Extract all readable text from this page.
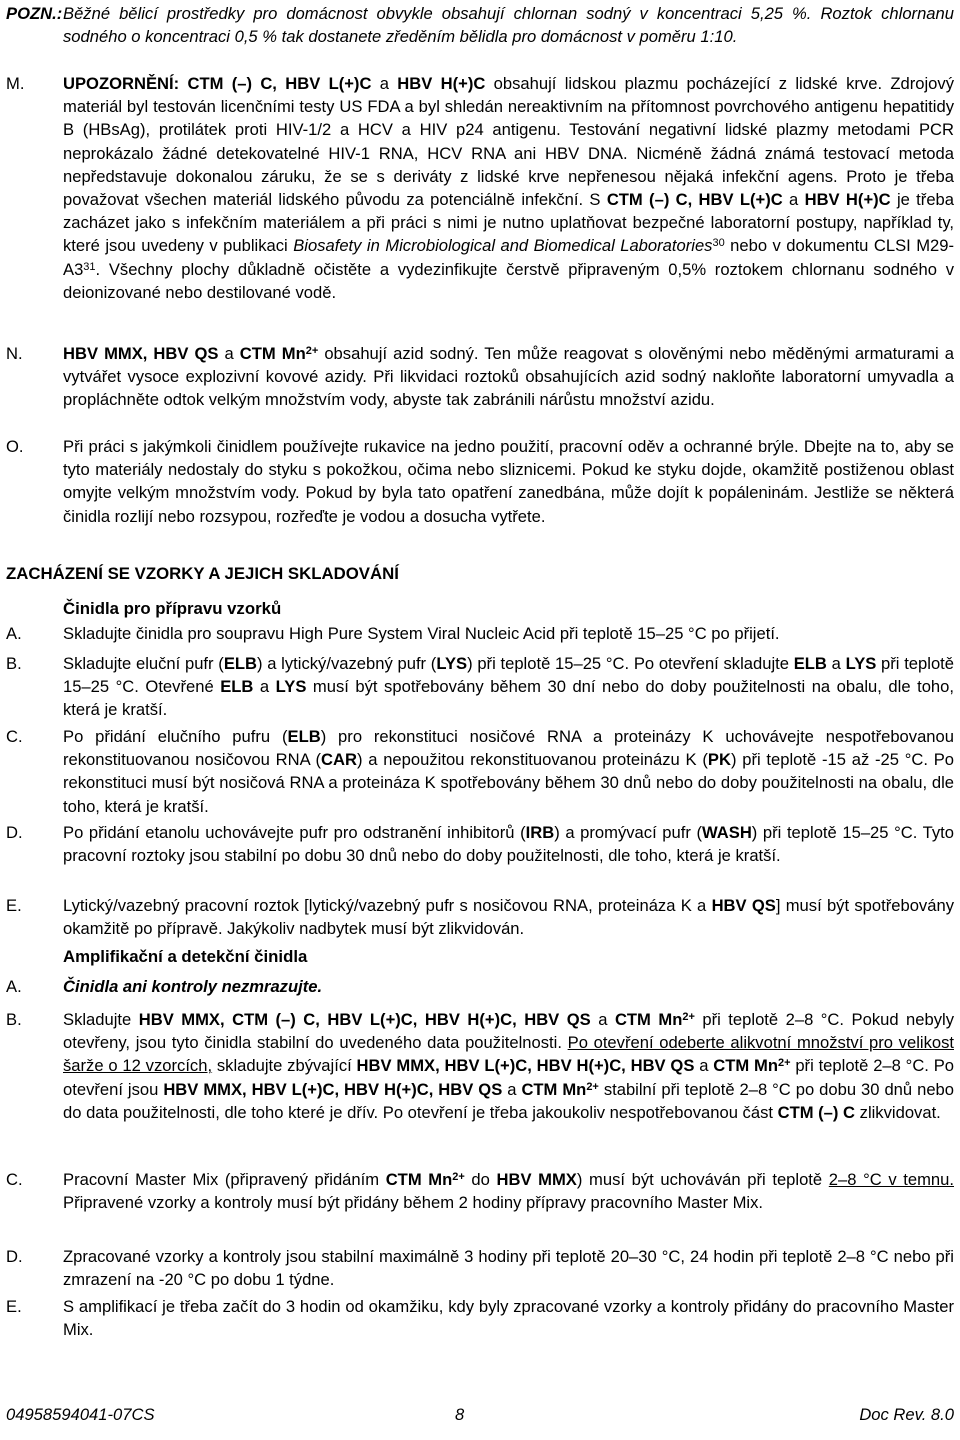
POZN.: Běžné bělicí prostředky pro domácnost obvykle obsahují chlornan sodný v koncentraci 5,25 %. Roztok chlornanu sodného o koncentraci 0,5 % tak dostanete zředěním bělidla pro domácnost v poměru 1:10.
M. UPOZORNĚNÍ: CTM (–) C, HBV L(+)C a HBV H(+)C obsahují lidskou plazmu pocházející z lidské krve. Zdrojový materiál byl testován licenčními testy US FDA a byl shledán nereaktivním na přítomnost povrchového antigenu hepatitidy B (HBsAg), protilátek proti HIV-1/2 a HCV a HIV p24 antigenu. Testování negativní lidské plazmy metodami PCR neprokázalo žádné detekovatelné HIV-1 RNA, HCV RNA ani HBV DNA. Nicméně žádná známá testovací metoda nepředstavuje dokonalou záruku, že se s deriváty z lidské krve nepřenesou nějaká infekční agens. Proto je třeba považovat všechen materiál lidského původu za potenciálně infekční. S CTM (–) C, HBV L(+)C a HBV H(+)C je třeba zacházet jako s infekčním materiálem a při práci s nimi je nutno uplatňovat bezpečné laboratorní postupy, například ty, které jsou uvedeny v publikaci Biosafety in Microbiological and Biomedical Laboratories$^{30}$ nebo v dokumentu CLSI $M29-A3^{31}$. Všechny plochy důkladně očistěte a vydezinfikujte čerstvě připraveným 0,5% roztokem chlornanu sodného v deionizované nebo destilované vodě.
N. HBV MMX, HBV QS a CTM $Mn^{2+}$ obsahují azid sodný. Ten může reagovat s olověnými nebo měděnými armaturami a vytvářet vysoce explozivní kovové azidy. Při likvidaci roztoků obsahujících azid sodný nakloňte laboratorní umyvadla a propláchněte odtok velkým množstvím vody, abyste tak zabránili nárůstu množství azidu.
O. Při práci s jakýmkoli činidlem používejte rukavice na jedno použití, pracovní oděv a ochranné brýle. Dbejte na to, aby se tyto materiály nedostaly do styku s pokožkou, očima nebo sliznicemi. Pokud ke styku dojde, okamžitě postiženou oblast omyjte velkým množstvím vody. Pokud by byla tato opatření zanedbána, může dojít k popáleninám. Jestliže se některá činidla rozlijí nebo rozsypou, rozřeďte je vodou a dosucha vytřete.
ZACHÁZENÍ SE VZORKY A JEJICH SKLADOVÁNÍ
Činidla pro přípravu vzorků
A. Skladujte činidla pro soupravu High Pure System Viral Nucleic Acid při teplotě 15–25 °C po přijetí.
B. Skladujte eluční pufr (ELB) a lytický/vazebný pufr (LYS) při teplotě 15–25 °C. Po otevření skladujte ELB a LYS při teplotě 15–25 °C. Otevřené ELB a LYS musí být spotřebovány během 30 dní nebo do doby použitelnosti na obalu, dle toho, která je kratší.
C. Po přidání elučního pufru (ELB) pro rekonstituci nosičové RNA a proteinázy K uchovávejte nespotřebovanou rekonstituovanou nosičovou RNA (CAR) a nepoužitou rekonstituovanou proteinázu K (PK) při teplotě -15 až -25 °C. Po rekonstituci musí být nosičová RNA a proteináza K spotřebovány během 30 dnů nebo do doby použitelnosti na obalu, dle toho, která je kratší.
D. Po přidání etanolu uchovávejte pufr pro odstranění inhibitorů (IRB) a promývací pufr (WASH) při teplotě 15–25 °C. Tyto pracovní roztoky jsou stabilní po dobu 30 dnů nebo do doby použitelnosti, dle toho, která je kratší.
E. Lytický/vazebný pracovní roztok [lytický/vazebný pufr s nosičovou RNA, proteináza K a HBV QS] musí být spotřebovány okamžitě po přípravě. Jakýkoliv nadbytek musí být zlikvidován.
Amplifikační a detekční činidla
A. Činidla ani kontroly nezmrazujte.
B. Skladujte HBV MMX, CTM (–) C, HBV L(+)C, HBV H(+)C, HBV QS a CTM $Mn^{2+}$ při teplotě 2–8 °C. Pokud nebyly otevřeny, jsou tyto činidla stabilní do uvedeného data použitelnosti. Po otevření odeberte alikvotní množství pro velikost šarže o 12 vzorcích, skladujte zbývající HBV MMX, HBV L(+)C, HBV H(+)C, HBV QS a CTM $Mn^{2+}$ při teplotě 2–8 °C. Po otevření jsou HBV MMX, HBV L(+)C, HBV H(+)C, HBV QS a CTM $Mn^{2+}$ stabilní při teplotě 2–8 °C po dobu 30 dnů nebo do data použitelnosti, dle toho které je dřív. Po otevření je třeba jakoukoliv nespotřebovanou část CTM (–) C zlikvidovat.
C. Pracovní Master Mix (připravený přidáním CTM $Mn^{2+}$ do HBV MMX) musí být uchováván při teplotě 2–8 °C v temnu. Připravené vzorky a kontroly musí být přidány během 2 hodiny přípravy pracovního Master Mix.
D. Zpracované vzorky a kontroly jsou stabilní maximálně 3 hodiny při teplotě 20–30 °C, 24 hodin při teplotě 2–8 °C nebo při zmrazení na -20 °C po dobu 1 týdne.
E. S amplifikací je třeba začít do 3 hodin od okamžiku, kdy byly zpracované vzorky a kontroly přidány do pracovního Master Mix.
04958594041-07CS	8	Doc Rev. 8.0
